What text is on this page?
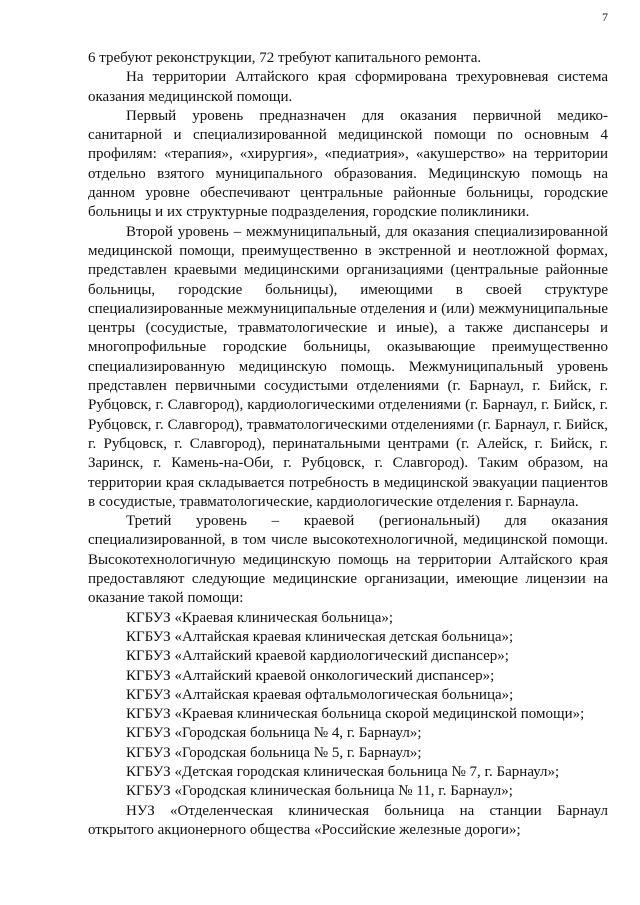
7

6 требуют реконструкции, 72 требуют капитального ремонта.

На территории Алтайского края сформирована трехуровневая система оказания медицинской помощи.

Первый уровень предназначен для оказания первичной медико-санитарной и специализированной медицинской помощи по основным 4 профилям: «терапия», «хирургия», «педиатрия», «акушерство» на территории отдельно взятого муниципального образования. Медицинскую помощь на данном уровне обеспечивают центральные районные больницы, городские больницы и их структурные подразделения, городские поликлиники.

Второй уровень – межмуниципальный, для оказания специализированной медицинской помощи, преимущественно в экстренной и неотложной формах, представлен краевыми медицинскими организациями (центральные районные больницы, городские больницы), имеющими в своей структуре специализированные межмуниципальные отделения и (или) межмуниципальные центры (сосудистые, травматологические и иные), а также диспансеры и многопрофильные городские больницы, оказывающие преимущественно специализированную медицинскую помощь. Межмуниципальный уровень представлен первичными сосудистыми отделениями (г. Барнаул, г. Бийск, г. Рубцовск, г. Славгород), кардиологическими отделениями (г. Барнаул, г. Бийск, г. Рубцовск, г. Славгород), травматологическими отделениями (г. Барнаул, г. Бийск, г. Рубцовск, г. Славгород), перинатальными центрами (г. Алейск, г. Бийск, г. Заринск, г. Камень-на-Оби, г. Рубцовск, г. Славгород). Таким образом, на территории края складывается потребность в медицинской эвакуации пациентов в сосудистые, травматологические, кардиологические отделения г. Барнаула.

Третий уровень – краевой (региональный) для оказания специализированной, в том числе высокотехнологичной, медицинской помощи. Высокотехнологичную медицинскую помощь на территории Алтайского края предоставляют следующие медицинские организации, имеющие лицензии на оказание такой помощи:

КГБУЗ «Краевая клиническая больница»;

КГБУЗ «Алтайская краевая клиническая детская больница»;

КГБУЗ «Алтайский краевой кардиологический диспансер»;

КГБУЗ «Алтайский краевой онкологический диспансер»;

КГБУЗ «Алтайская краевая офтальмологическая больница»;

КГБУЗ «Краевая клиническая больница скорой медицинской помощи»;

КГБУЗ «Городская больница № 4, г. Барнаул»;

КГБУЗ «Городская больница № 5, г. Барнаул»;

КГБУЗ «Детская городская клиническая больница № 7, г. Барнаул»;

КГБУЗ «Городская клиническая больница № 11, г. Барнаул»;

НУЗ «Отделенческая клиническая больница на станции Барнаул открытого акционерного общества «Российские железные дороги»;
